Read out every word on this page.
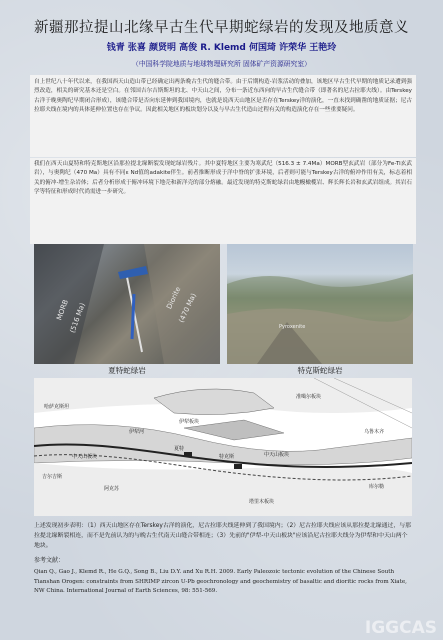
新疆那拉提山北缘早古生代早期蛇绿岩的发现及地质意义
钱青 张喜 颜贤明 高俊 R. Klemd 何国琦 许荣华 王艳玲
（中国科学院地质与地球物理研究所 固体矿产资源研究室）
自上世纪八十年代以来，在我国西天山造山带已经确定出两条晚古生代的缝合带。由于后期构造-岩浆活动的叠加，该地区早古生代早期的地质记录遭到强烈改造，相关的研究基本还是空白。在邻国吉尔吉斯斯坦的北、中天山之间，分布一条近东西向的早古生代缝合带（即著名的尼古拉耶夫线）。由Terskey古洋于晚奥陶纪早期闭合形成），该缝合带是否向东延伸到我国境内，也就是说西天山地区是否存在Terskey洋的演化，一直未找到确凿的地质证据；尼古拉耶夫线在境内的具体延伸位置也存在争议。因此相关地区的板块划分以及与早古生代造山过程有关的构造演化存在一些重要疑问。
我们在西天山夏特和特克斯地区沿那拉提北缘断裂发现蛇绿岩残片。其中夏特地区主要为寒武纪（516.3 ± 7.4Ma）MORB型玄武岩（部分为Fe-Ti玄武岩），与奥陶纪（470 Ma）具有不同ε Nd值的adakite伴生。前者推断形成于洋中脊的扩张环境，后者则可能与Terskey古洋的俯冲作用有关，标志着相关的俯冲-增生杂岩体；后者分析形成于俯冲环境下地壳和新洋壳的部分熔融。最近发现的特克斯蛇绿岩由地幔橄榄岩、辉长辉长岩和玄武岩组成。其岩石学等特征和形成时代尚需进一步研究。
MORB
(516 Ma)
Diorite
(470 Ma)
Pyroxenite
夏特蛇绿岩	特克斯蛇绿岩
准噶尔板块
伊犁板块
中天山板块
塔里木板块
伊犁河
阿克苏
夏特
特克斯
哈萨克斯坦
吉尔吉斯
中天山板块
乌鲁木齐
库尔勒
上述发现初步表明：（1）西天山地区存在Terskey古洋的演化，尼古拉耶夫线延伸到了我国境内；（2）尼古拉耶夫线应该从那拉提北缘通过，与那拉提北缘断裂相连，而不是先前认为的与晚古生代南天山缝合带相连；（3）先前的"伊犁-中天山板块"应该沿尼古拉耶夫线分为伊犁和中天山两个地块。
参考文献：
Qian Q., Gao J., Klemd R., He G.Q., Song B., Liu D.Y. and Xu R.H. 2009. Early Paleozoic tectonic evolution of the Chinese South Tianshan Orogen: constraints from SHRIMP zircon U-Pb geochronology and geochemistry of basaltic and dioritic rocks from Xiate, NW China. International Journal of Earth Sciences, 98: 551-569.
IGGCAS
